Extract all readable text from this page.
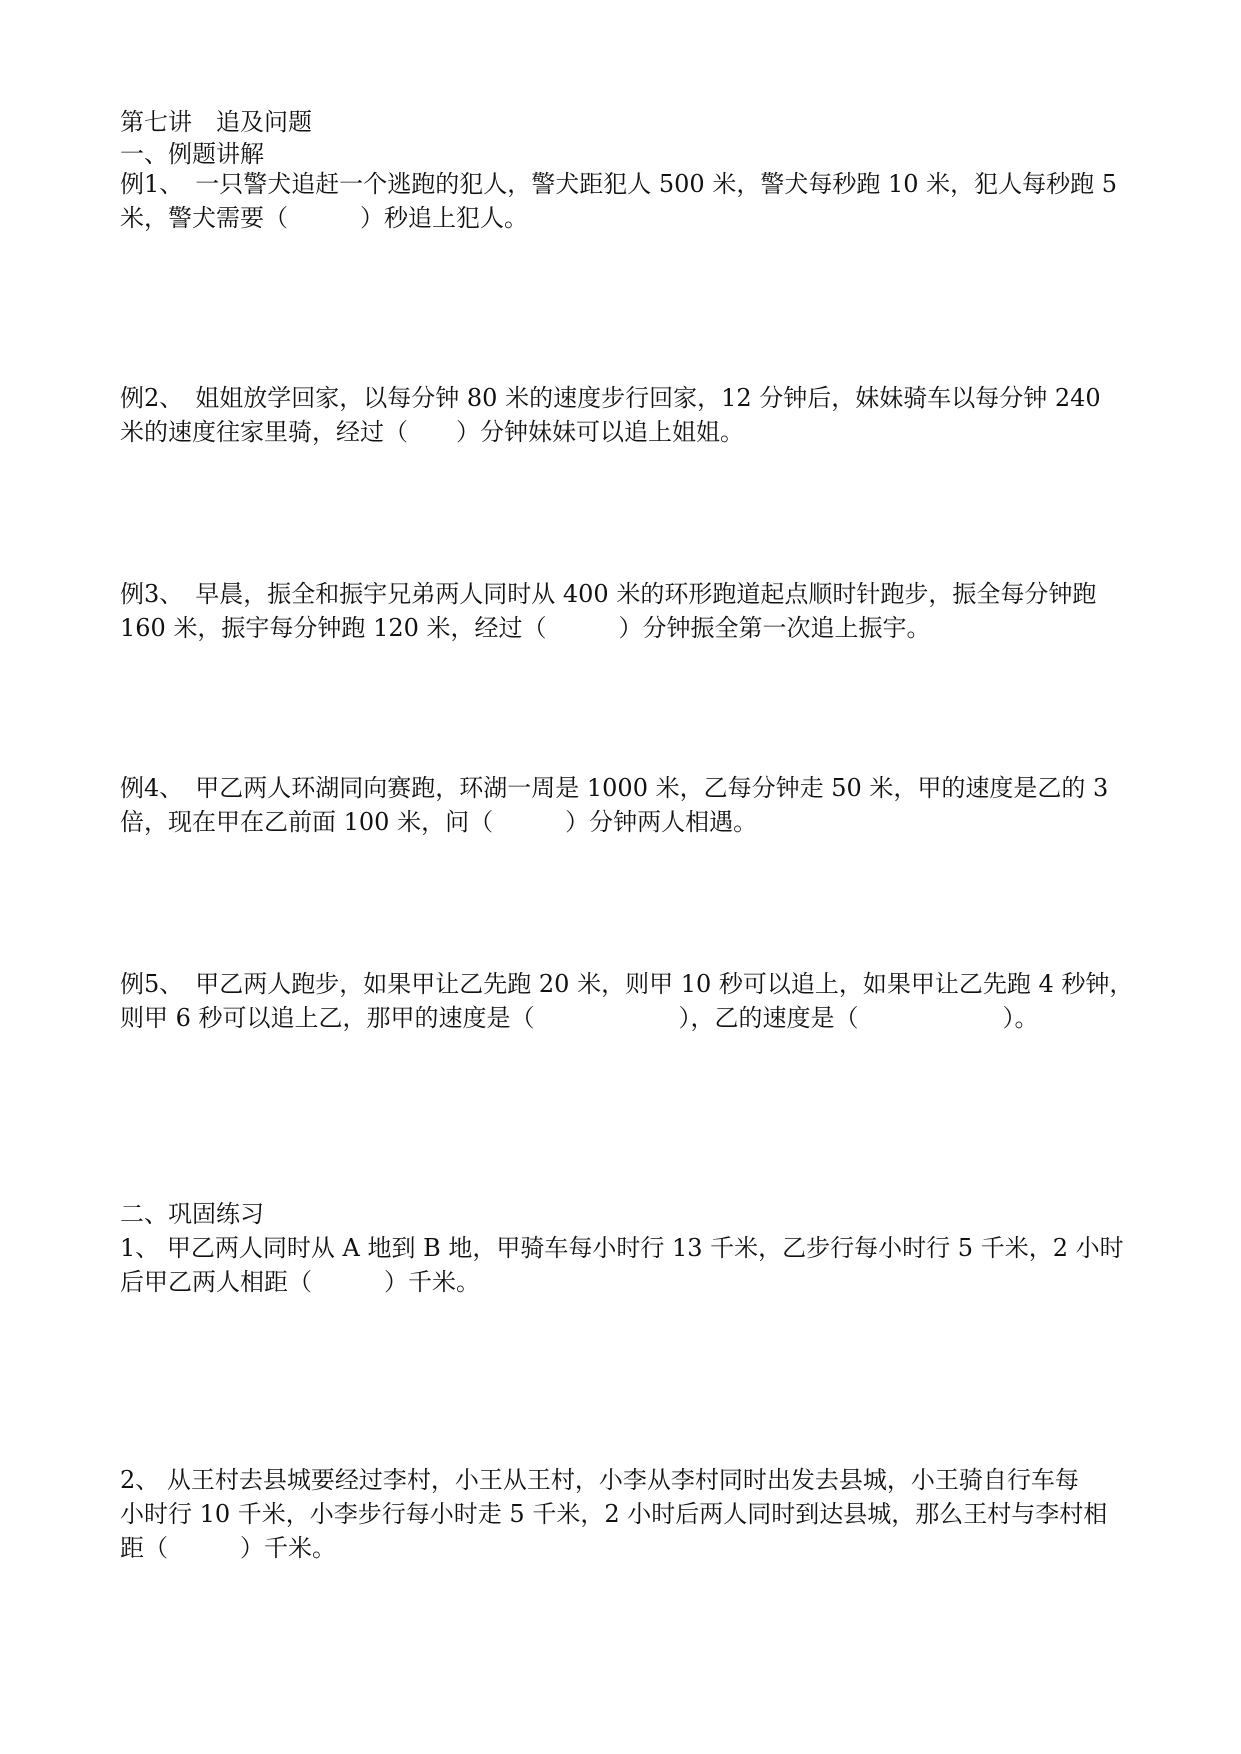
第七讲　追及问题
一、例题讲解
例1、　一只警犬追赶一个逃跑的犯人，警犬距犯人 500 米，警犬每秒跑 10 米，犯人每秒跑 5
米，警犬需要（　　　）秒追上犯人。
例2、　姐姐放学回家，以每分钟 80 米的速度步行回家，12 分钟后，妹妹骑车以每分钟 240
米的速度往家里骑，经过（　　）分钟妹妹可以追上姐姐。
例3、　早晨，振全和振宇兄弟两人同时从 400 米的环形跑道起点顺时针跑步，振全每分钟跑
160 米，振宇每分钟跑 120 米，经过（　　　）分钟振全第一次追上振宇。
例4、　甲乙两人环湖同向赛跑，环湖一周是 1000 米，乙每分钟走 50 米，甲的速度是乙的 3
倍，现在甲在乙前面 100 米，问（　　　）分钟两人相遇。
例5、　甲乙两人跑步，如果甲让乙先跑 20 米，则甲 10 秒可以追上，如果甲让乙先跑 4 秒钟，
则甲 6 秒可以追上乙，那甲的速度是（　　　　　　），乙的速度是（　　　　　　）。
二、巩固练习
1、 甲乙两人同时从 A 地到 B 地，甲骑车每小时行 13 千米，乙步行每小时行 5 千米，2 小时
后甲乙两人相距（　　　）千米。
2、 从王村去县城要经过李村，小王从王村，小李从李村同时出发去县城，小王骑自行车每
小时行 10 千米，小李步行每小时走 5 千米，2 小时后两人同时到达县城，那么王村与李村相
距（　　　）千米。
